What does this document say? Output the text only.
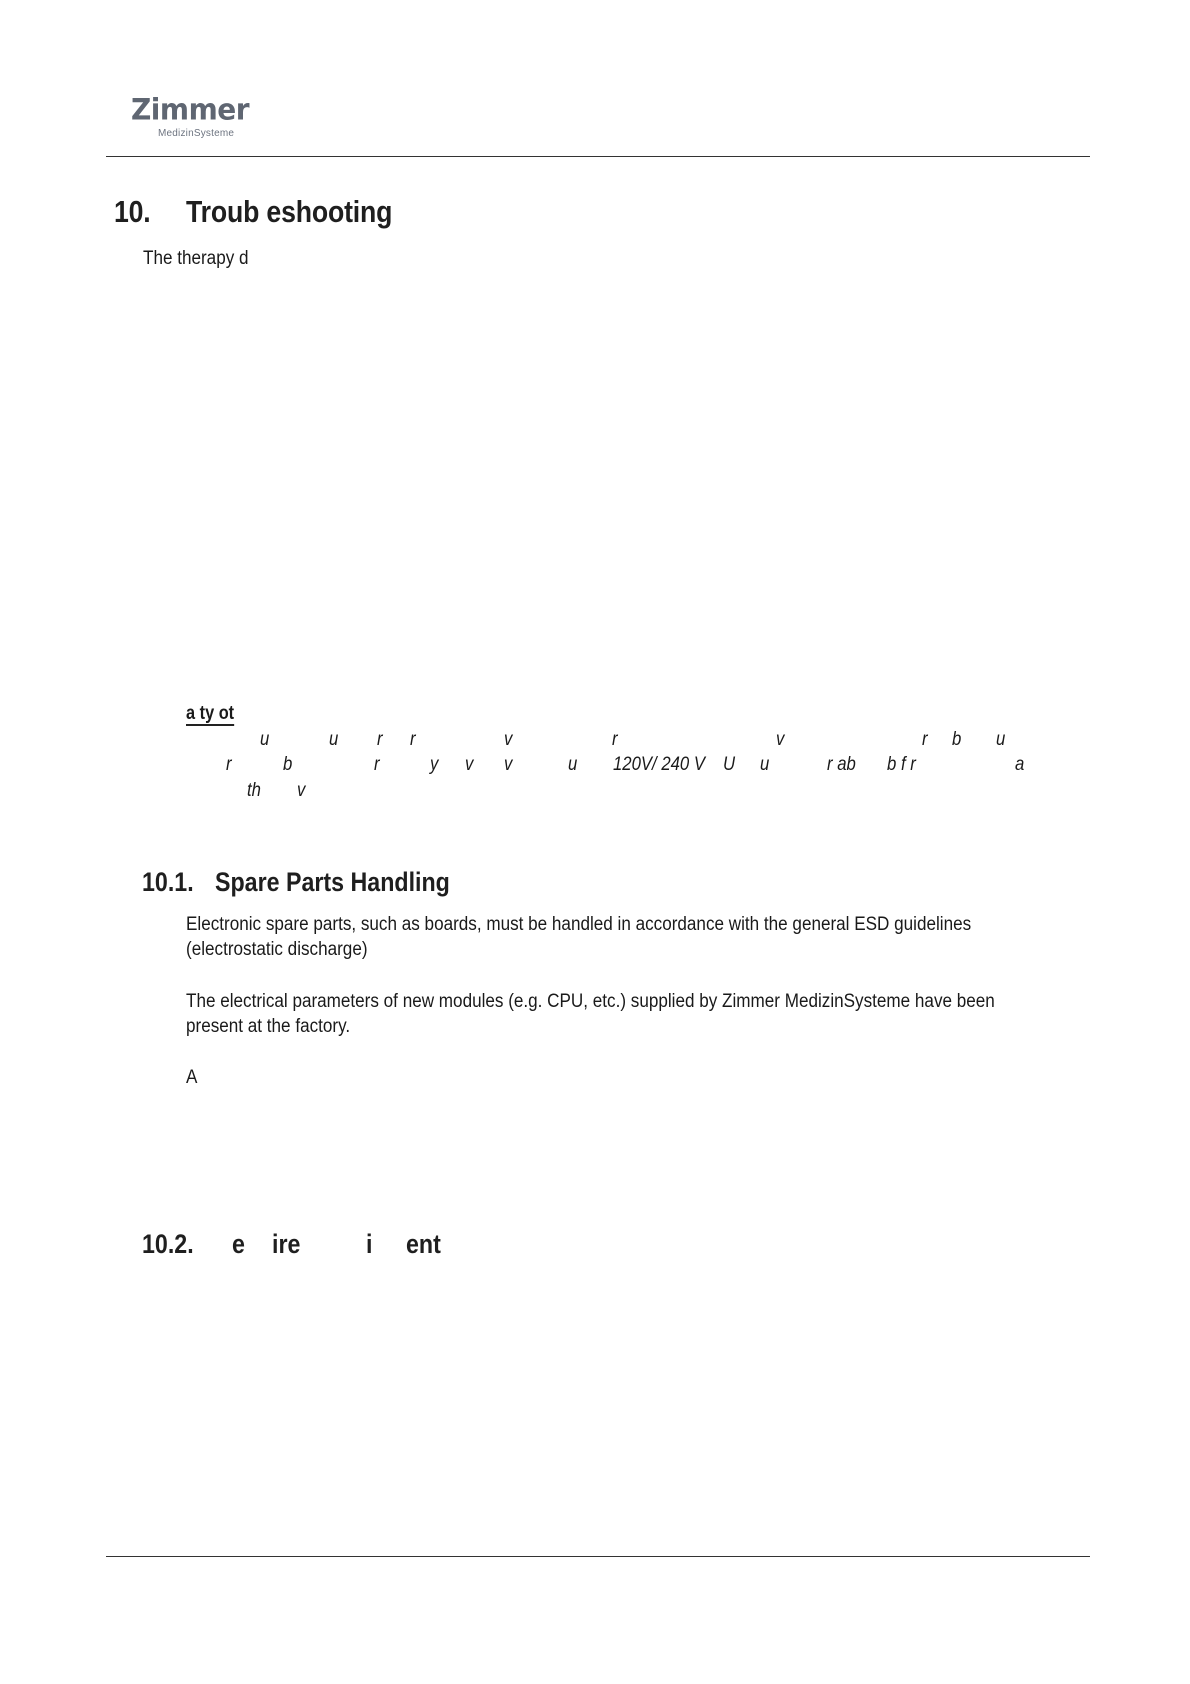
Zimmer
MedizinSysteme
10. Troub eshooting
The therapy d
a ty ot
u	u r r	v	r	v	r b u
r	b	r	y v v	u 120V/ 240 V U u	r ab b f r	a
th v
10.1. Spare Parts Handling
Electronic spare parts, such as boards, must be handled in accordance with the general ESD guidelines
(electrostatic discharge)
The electrical parameters of new modules (e.g. CPU, etc.) supplied by Zimmer MedizinSysteme have been
present at the factory.
A
10.2. e ire i ent
